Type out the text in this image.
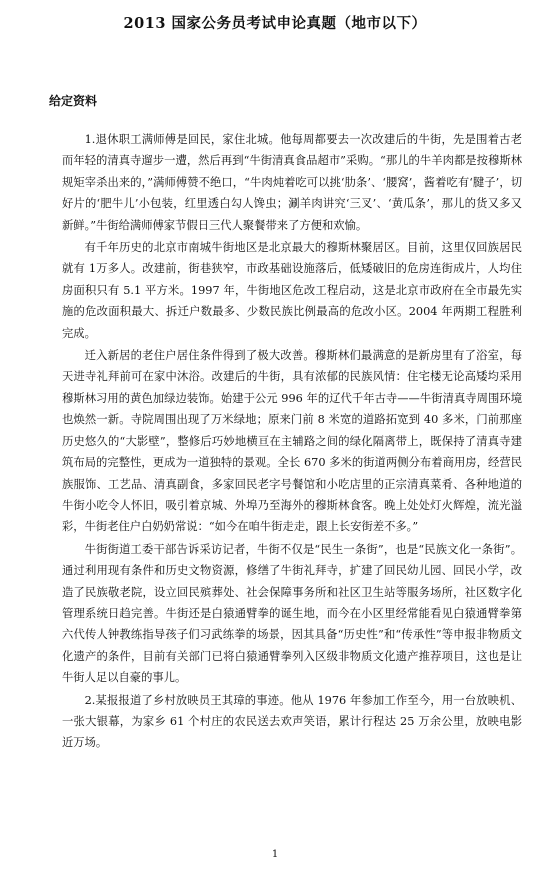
2013 国家公务员考试申论真题（地市以下）
给定资料

1.退休职工满师傅是回民，家住北城。他每周都要去一次改建后的牛街，先是围着古老而年轻的清真寺遛步一遭，然后再到“牛街清真食品超市”采购。“那儿的牛羊肉都是按穆斯林规矩宰杀出来的，”满师傅赞不绝口，“牛肉炖着吃可以挑‘肋条’、‘腰窝’，酱着吃有‘腱子’，切好片的‘肥牛儿’小包装，红里透白勾人馋虫；涮羊肉讲究‘三叉’、‘黄瓜条’，那儿的货又多又新鲜。”牛街给满师傅家节假日三代人聚餐带来了方便和欢愉。

有千年历史的北京市南城牛街地区是北京最大的穆斯林聚居区。目前，这里仅回族居民就有 1万多人。改建前，街巷狭窄，市政基础设施落后，低矮破旧的危房连街成片，人均住房面积只有 5.1 平方米。1997 年，牛街地区危改工程启动，这是北京市政府在全市最先实施的危改面积最大、拆迁户数最多、少数民族比例最高的危改小区。2004 年两期工程胜利完成。

迁入新居的老住户居住条件得到了极大改善。穆斯林们最满意的是新房里有了浴室，每天进寺礼拜前可在家中沐浴。改建后的牛街，具有浓郁的民族风情：住宅楼无论高矮均采用穆斯林习用的黄色加绿边装饰。始建于公元 996 年的辽代千年古寺——牛街清真寺周围环境也焕然一新。寺院周围出现了万米绿地；原来门前 8 米宽的道路拓宽到 40 多米，门前那座历史悠久的“大影壁”，整修后巧妙地横亘在主辅路之间的绿化隔离带上，既保持了清真寺建筑布局的完整性，更成为一道独特的景观。全长 670 多米的街道两侧分布着商用房，经营民族服饰、工艺品、清真副食，多家回民老字号餐馆和小吃店里的正宗清真菜肴、各种地道的牛街小吃令人怀旧，吸引着京城、外埠乃至海外的穆斯林食客。晚上处处灯火辉煌，流光溢彩，牛街老住户白奶奶常说：“如今在咱牛街走走，跟上长安街差不多。”

牛街街道工委干部告诉采访记者，牛街不仅是“民生一条街”，也是“民族文化一条街”。通过利用现有条件和历史文物资源，修缮了牛街礼拜寺，扩建了回民幼儿园、回民小学，改造了民族敬老院，设立回民殡葬处、社会保障事务所和社区卫生站等服务场所，社区数字化管理系统日趋完善。牛街还是白猿通臂拳的诞生地，而今在小区里经常能看见白猿通臂拳第六代传人钟教练指导孩子们习武练拳的场景，因其具备“历史性”和“传承性”等申报非物质文化遗产的条件，目前有关部门已将白猿通臂拳列入区级非物质文化遗产推荐项目，这也是让牛街人足以自豪的事儿。

2.某报报道了乡村放映员王其璋的事迹。他从 1976 年参加工作至今，用一台放映机、一张大银幕，为家乡 61 个村庄的农民送去欢声笑语，累计行程达 25 万余公里，放映电影近万场。

1
